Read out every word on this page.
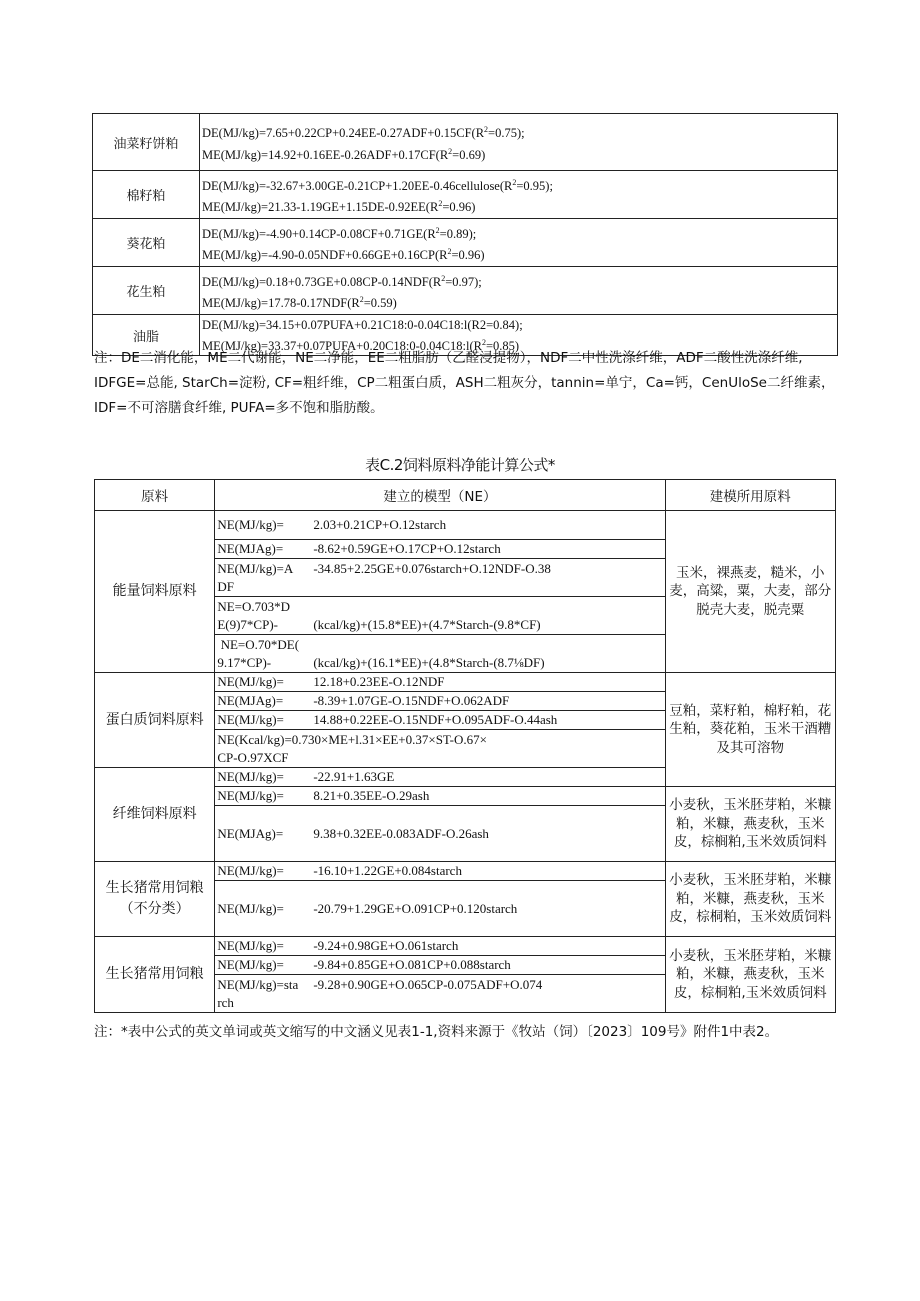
油菜籽饼粕	$DE(MJ/kg)=7.65+0.22CP+0.24EE-0.27ADF+0.15CF(R^2=0.75)$;
$ME(MJ/kg)=14.92+0.16EE-0.26ADF+0.17CF(R^2=0.69)$

棉籽粕	$DE(MJ/kg)=-32.67+3.00GE-0.21CP+1.20EE-0.46cellulose(R^2=0.95)$;
$ME(MJ/kg)=21.33-1.19GE+1.15DE-0.92EE(R^2=0.96)$

葵花粕	$DE(MJ/kg)=-4.90+0.14CP-0.08CF+0.71GE(R^2=0.89)$;
$ME(MJ/kg)=-4.90-0.05NDF+0.66GE+0.16CP(R^2=0.96)$

花生粕	$DE(MJ/kg)=0.18+0.73GE+0.08CP-0.14NDF(R^2=0.97)$;
$ME(MJ/kg)=17.78-0.17NDF(R^2=0.59)$

油脂	DE(MJ/kg)=34.15+0.07PUFA+0.21C18:0-0.04C18:l(R2=0.84);
$ME(MJ/kg)=33.37+0.07PUFA+0.20C18:0-0.04C18:l(R^2=0.85)$
注：DE二消化能，ME二代谢能，NE二净能，EE二粗脂肪（乙醛浸提物），NDF二中性洗涤纤维，ADF二酸性洗涤纤维, IDFGE=总能, StarCh=淀粉, CF=粗纤维，CP二粗蛋白质，ASH二粗灰分，tannin=单宁，Ca=钙，CenUloSe二纤维素，IDF=不可溶膳食纤维, PUFA=多不饱和脂肪酸。
表C.2饲料原料净能计算公式*
原料	建立的模型（NE）	建模所用原料
能量饲料原料	NE(MJ/kg)= 2.03+0.21CP+O.12starch	玉米，裸燕麦，糙米，小麦，高粱，粟，大麦，部分脱壳大麦，脱壳粟
	NE(MJAg)= -8.62+0.59GE+O.17CP+O.12starch	

	NE(MJ/kg)=A -34.85+2.25GE+0.076starch+O.12NDF-O.38
DF	

	NE=O.703*D
E(9)7*CP)- (kcal/kg)+(15.8*EE)+(4.7*Starch-(9.8*CF)	

	NE=O.70*DE(
9.17*CP)- (kcal/kg)+(16.1*EE)+(4.8*Starch-(8.7⅛DF)	

蛋白质饲料原料	NE(MJ/kg)= 12.18+0.23EE-O.12NDF	豆粕，菜籽粕，棉籽粕，花生粕，葵花粕，玉米干酒糟及其可溶物
	NE(MJAg)= -8.39+1.07GE-O.15NDF+O.062ADF	
	NE(MJ/kg)= 14.88+0.22EE-O.15NDF+O.095ADF-O.44ash	

	NE(Kcal/kg)=0.730×ME+l.31×EE+0.37×ST-O.67×
CP-O.97XCF	

纤维饲料原料	NE(MJ/kg)= -22.91+1.63GE	
	NE(MJ/kg)= 8.21+0.35EE-O.29ash	小麦秋，玉米胚芽粕，米糠粕，米糠，燕麦秋，玉米皮，棕榈粕,玉米效质饲料
	NE(MJAg)= 9.38+0.32EE-0.083ADF-O.26ash	
生长猪常用饲粮（不分类）	NE(MJ/kg)= -16.10+1.22GE+0.084starch	小麦秋，玉米胚芽粕，米糠粕，米糠，燕麦秋，玉米皮，棕桐粕，玉米效质饲料
	NE(MJ/kg)= -20.79+1.29GE+O.091CP+0.120starch	
生长猪常用饲粮	NE(MJ/kg)= -9.24+0.98GE+O.061starch	小麦秋，玉米胚芽粕，米糠粕，米糠，燕麦秋，玉米皮，棕桐粕,玉米效质饲料
	NE(MJ/kg)= -9.84+0.85GE+O.081CP+0.088starch	

	NE(MJ/kg)=sta -9.28+0.90GE+O.065CP-0.075ADF+O.074
rch	
注：*表中公式的英文单词或英文缩写的中文涵义见表1-1,资料来源于《牧站（饲）〔2023〕109号》附件1中表2。
